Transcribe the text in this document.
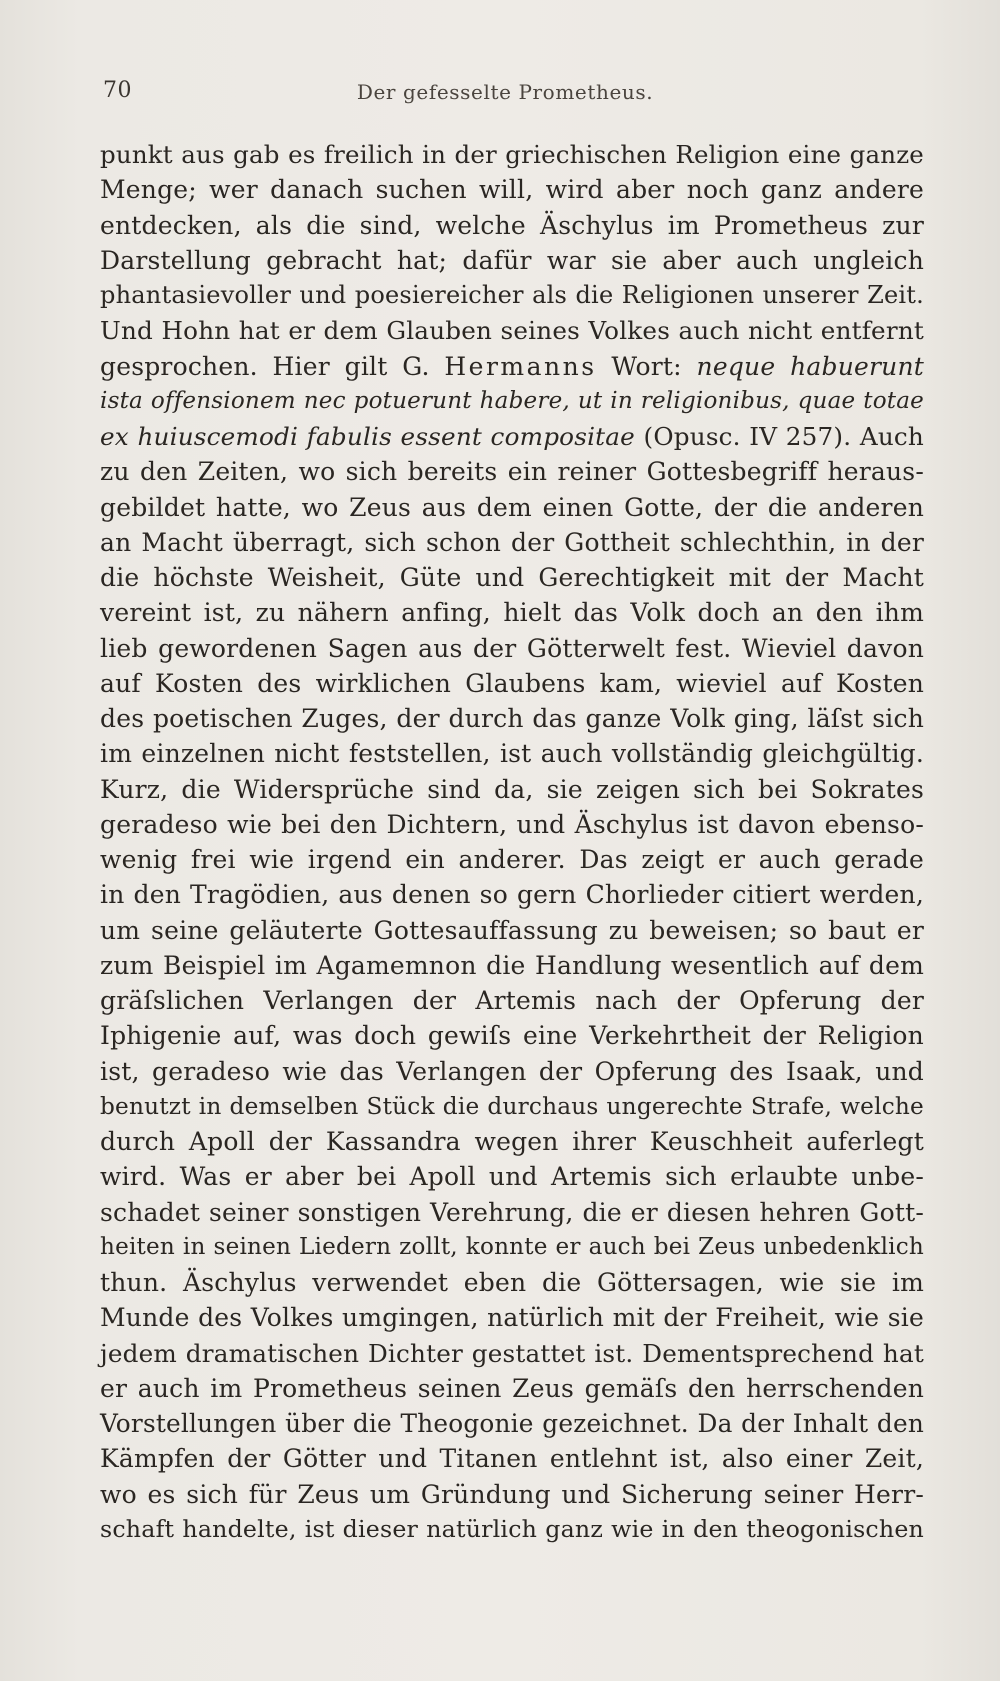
70	Der gefesselte Prometheus.
punkt aus gab es freilich in der griechischen Religion eine ganze
Menge; wer danach suchen will, wird aber noch ganz andere
entdecken, als die sind, welche Äschylus im Prometheus zur
Darstellung gebracht hat; dafür war sie aber auch ungleich
phantasievoller und poesiereicher als die Religionen unserer Zeit.
Und Hohn hat er dem Glauben seines Volkes auch nicht entfernt
gesprochen. Hier gilt G. Hermanns Wort: neque habuerunt
ista offensionem nec potuerunt habere, ut in religionibus, quae totae
ex huiuscemodi fabulis essent compositae (Opusc. IV 257). Auch
zu den Zeiten, wo sich bereits ein reiner Gottesbegriff heraus-
gebildet hatte, wo Zeus aus dem einen Gotte, der die anderen
an Macht überragt, sich schon der Gottheit schlechthin, in der
die höchste Weisheit, Güte und Gerechtigkeit mit der Macht
vereint ist, zu nähern anfing, hielt das Volk doch an den ihm
lieb gewordenen Sagen aus der Götterwelt fest. Wieviel davon
auf Kosten des wirklichen Glaubens kam, wieviel auf Kosten
des poetischen Zuges, der durch das ganze Volk ging, läſst sich
im einzelnen nicht feststellen, ist auch vollständig gleichgültig.
Kurz, die Widersprüche sind da, sie zeigen sich bei Sokrates
geradeso wie bei den Dichtern, und Äschylus ist davon ebenso-
wenig frei wie irgend ein anderer. Das zeigt er auch gerade
in den Tragödien, aus denen so gern Chorlieder citiert werden,
um seine geläuterte Gottesauffassung zu beweisen; so baut er
zum Beispiel im Agamemnon die Handlung wesentlich auf dem
gräſslichen Verlangen der Artemis nach der Opferung der
Iphigenie auf, was doch gewiſs eine Verkehrtheit der Religion
ist, geradeso wie das Verlangen der Opferung des Isaak, und
benutzt in demselben Stück die durchaus ungerechte Strafe, welche
durch Apoll der Kassandra wegen ihrer Keuschheit auferlegt
wird. Was er aber bei Apoll und Artemis sich erlaubte unbe-
schadet seiner sonstigen Verehrung, die er diesen hehren Gott-
heiten in seinen Liedern zollt, konnte er auch bei Zeus unbedenklich
thun. Äschylus verwendet eben die Göttersagen, wie sie im
Munde des Volkes umgingen, natürlich mit der Freiheit, wie sie
jedem dramatischen Dichter gestattet ist. Dementsprechend hat
er auch im Prometheus seinen Zeus gemäſs den herrschenden
Vorstellungen über die Theogonie gezeichnet. Da der Inhalt den
Kämpfen der Götter und Titanen entlehnt ist, also einer Zeit,
wo es sich für Zeus um Gründung und Sicherung seiner Herr-
schaft handelte, ist dieser natürlich ganz wie in den theogonischen
